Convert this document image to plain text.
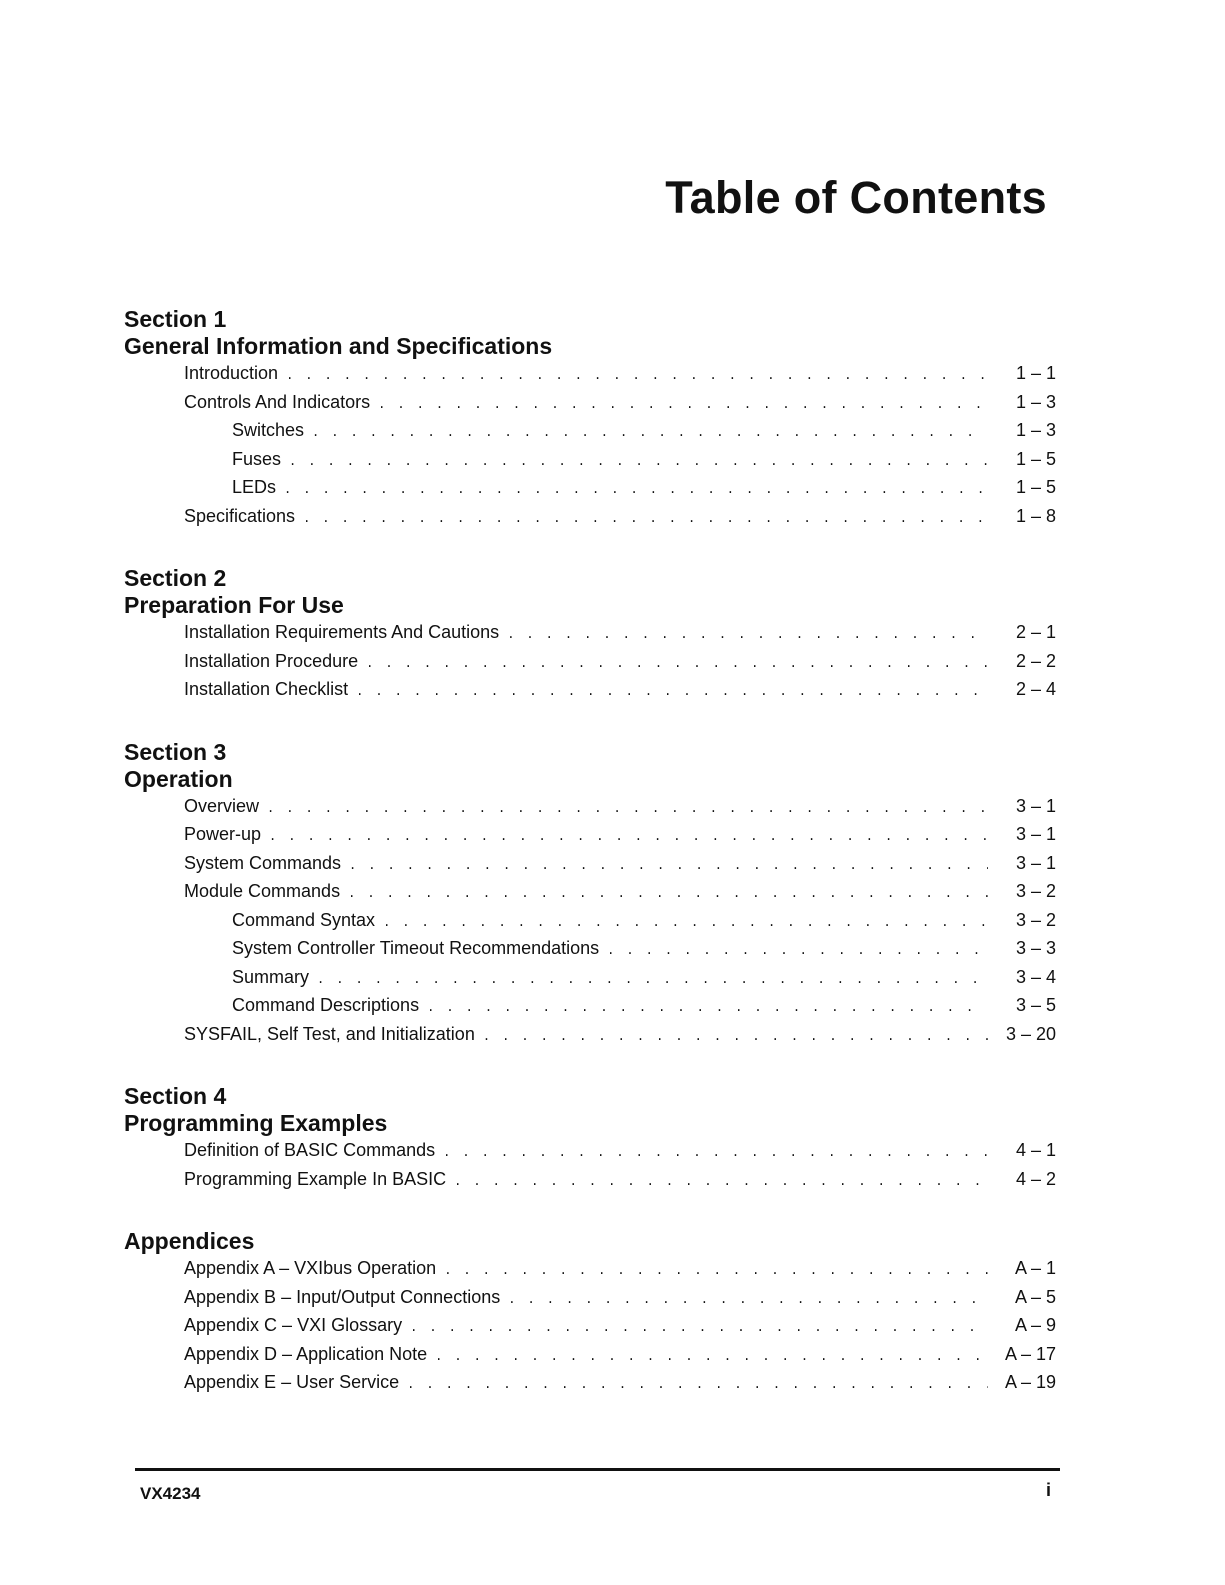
Table of Contents
Section 1
General Information and Specifications
Introduction . . .	1 – 1
Controls And Indicators . . .	1 – 3
Switches . . .	1 – 3
Fuses . . .	1 – 5
LEDs . . .	1 – 5
Specifications . . .	1 – 8
Section 2
Preparation For Use
Installation Requirements And Cautions . . .	2 – 1
Installation Procedure . . .	2 – 2
Installation Checklist . . .	2 – 4
Section 3
Operation
Overview . . .	3 – 1
Power-up . . .	3 – 1
System Commands . . .	3 – 1
Module Commands . . .	3 – 2
Command Syntax . . .	3 – 2
System Controller Timeout Recommendations . . .	3 – 3
Summary . . .	3 – 4
Command Descriptions . . .	3 – 5
SYSFAIL, Self Test, and Initialization . . .	3 – 20
Section 4
Programming Examples
Definition of BASIC Commands . . .	4 – 1
Programming Example In BASIC . . .	4 – 2
Appendices
Appendix A – VXIbus Operation . . .	A – 1
Appendix B – Input/Output Connections . . .	A – 5
Appendix C – VXI Glossary . . .	A – 9
Appendix D – Application Note . . .	A – 17
Appendix E – User Service . . .	A – 19
VX4234	i
